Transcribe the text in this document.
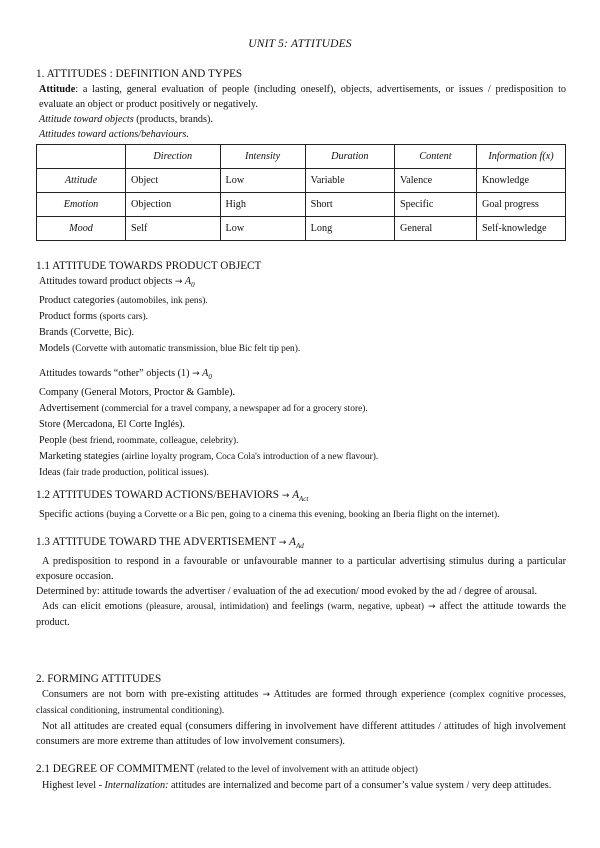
UNIT 5: ATTITUDES
1. ATTITUDES : DEFINITION AND TYPES

Attitude: a lasting, general evaluation of people (including oneself), objects, advertisements, or issues / predisposition to evaluate an object or product positively or negatively.

Attitude toward objects (products, brands).

Attitudes toward actions/behaviours.

	Direction	Intensity	Duration	Content	Information f(x)
Attitude	Object	Low	Variable	Valence	Knowledge
Emotion	Objection	High	Short	Specific	Goal progress
Mood	Self	Low	Long	General	Self-knowledge
1.1 ATTITUDE TOWARDS PRODUCT OBJECT

Attitudes toward product objects → $A_0$

Product categories (automobiles, ink pens).

Product forms (sports cars).

Brands (Corvette, Bic).

Models (Corvette with automatic transmission, blue Bic felt tip pen).

Attitudes towards “other” objects $(1) \to A_0$

Company (General Motors, Proctor & Gamble).

Advertisement (commercial for a travel company, a newspaper ad for a grocery store).

Store (Mercadona, El Corte Inglés).

People (best friend, roommate, colleague, celebrity).

Marketing stategies (airline loyalty program, Coca Cola's introduction of a new flavour).

Ideas (fair trade production, political issues).

1.2 ATTITUDES TOWARD ACTIONS/BEHAVIORS → $A_{Act}$

Specific actions (buying a Corvette or a Bic pen, going to a cinema this evening, booking an Iberia flight on the internet).

1.3 ATTITUDE TOWARD THE ADVERTISEMENT → $A_{Ad}$

A predisposition to respond in a favourable or unfavourable manner to a particular advertising stimulus during a particular exposure occasion.

Determined by: attitude towards the advertiser / evaluation of the ad execution/ mood evoked by the ad / degree of arousal.

Ads can elicit emotions (pleasure, arousal, intimidation) and feelings (warm, negative, upbeat) → affect the attitude towards the product.

2. FORMING ATTITUDES

Consumers are not born with pre-existing attitudes → Attitudes are formed through experience (complex cognitive processes, classical conditioning, instrumental conditioning).

Not all attitudes are created equal (consumers differing in involvement have different attitudes / attitudes of high involvement consumers are more extreme than attitudes of low involvement consumers).

2.1 DEGREE OF COMMITMENT (related to the level of involvement with an attitude object)

Highest level - Internalization: attitudes are internalized and become part of a consumer’s value system / very deep attitudes.
